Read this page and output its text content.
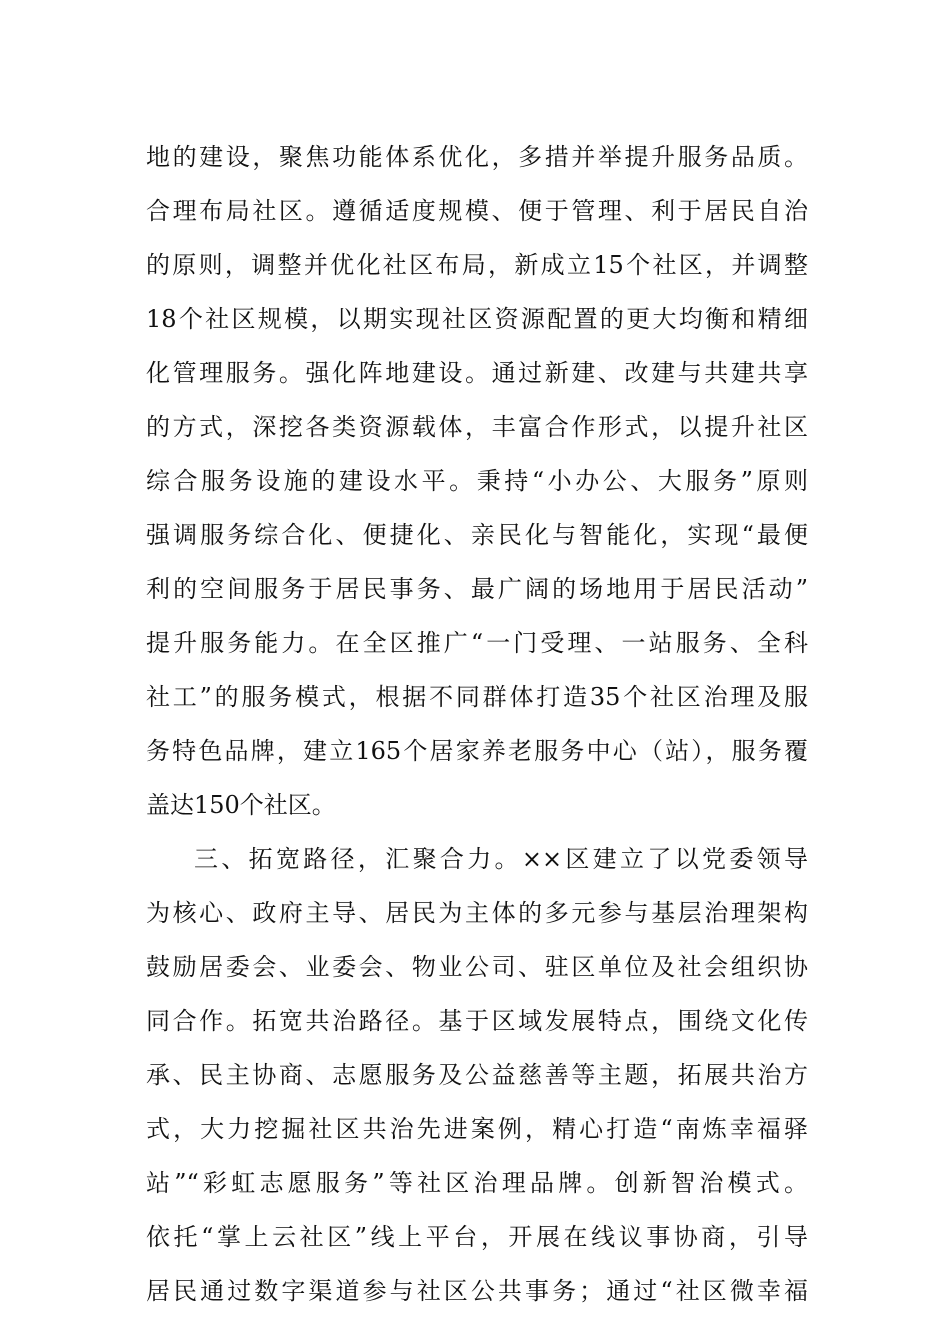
地的建设，聚焦功能体系优化，多措并举提升服务品质。
合理布局社区。遵循适度规模、便于管理、利于居民自治
的原则，调整并优化社区布局，新成立15个社区，并调整
18个社区规模，以期实现社区资源配置的更大均衡和精细
化管理服务。强化阵地建设。通过新建、改建与共建共享
的方式，深挖各类资源载体，丰富合作形式，以提升社区
综合服务设施的建设水平。秉持“小办公、大服务”原则
强调服务综合化、便捷化、亲民化与智能化，实现“最便
利的空间服务于居民事务、最广阔的场地用于居民活动”
提升服务能力。在全区推广“一门受理、一站服务、全科
社工”的服务模式，根据不同群体打造35个社区治理及服
务特色品牌，建立165个居家养老服务中心（站），服务覆
盖达150个社区。
三、拓宽路径，汇聚合力。××区建立了以党委领导
为核心、政府主导、居民为主体的多元参与基层治理架构
鼓励居委会、业委会、物业公司、驻区单位及社会组织协
同合作。拓宽共治路径。基于区域发展特点，围绕文化传
承、民主协商、志愿服务及公益慈善等主题，拓展共治方
式，大力挖掘社区共治先进案例，精心打造“南炼幸福驿
站”“彩虹志愿服务”等社区治理品牌。创新智治模式。
依托“掌上云社区”线上平台，开展在线议事协商，引导
居民通过数字渠道参与社区公共事务；通过“社区微幸福
